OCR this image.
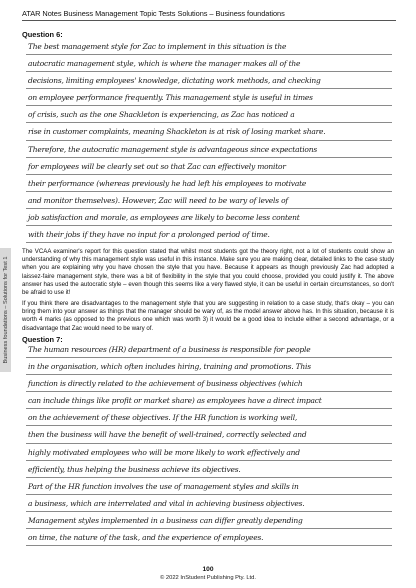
ATAR Notes Business Management Topic Tests Solutions – Business foundations
Question 6:
The best management style for Zac to implement in this situation is the
autocratic management style, which is where the manager makes all of the
decisions, limiting employees' knowledge, dictating work methods, and checking
on employee performance frequently. This management style is useful in times
of crisis, such as the one Shackleton is experiencing, as Zac has noticed a
rise in customer complaints, meaning Shackleton is at risk of losing market share.
Therefore, the autocratic management style is advantageous since expectations
for employees will be clearly set out so that Zac can effectively monitor
their performance (whereas previously he had left his employees to motivate
and monitor themselves). However, Zac will need to be wary of levels of
job satisfaction and morale, as employees are likely to become less content
with their jobs if they have no input for a prolonged period of time.
The VCAA examiner's report for this question stated that whilst most students got the theory right, not a lot of students could show an understanding of why this management style was useful in this instance. Make sure you are making clear, detailed links to the case study when you are explaining why you have chosen the style that you have. Because it appears as though previously Zac had adopted a laissez-faire management style, there was a bit of flexibility in the style that you could choose, provided you could justify it. The above answer has used the autocratic style – even though this seems like a very flawed style, it can be useful in certain circumstances, so don't be afraid to use it!
If you think there are disadvantages to the management style that you are suggesting in relation to a case study, that's okay – you can bring them into your answer as things that the manager should be wary of, as the model answer above has. In this situation, because it is worth 4 marks (as opposed to the previous one which was worth 3) it would be a good idea to include either a second advantage, or a disadvantage that Zac would need to be wary of.
Question 7:
The human resources (HR) department of a business is responsible for people
in the organisation, which often includes hiring, training and promotions. This
function is directly related to the achievement of business objectives (which
can include things like profit or market share) as employees have a direct impact
on the achievement of these objectives. If the HR function is working well,
then the business will have the benefit of well-trained, correctly selected and
highly motivated employees who will be more likely to work effectively and
efficiently, thus helping the business achieve its objectives.
Part of the HR function involves the use of management styles and skills in
a business, which are interrelated and vital in achieving business objectives.
Management styles implemented in a business can differ greatly depending
on time, the nature of the task, and the experience of employees.
Business foundations – Solutions for Test 1
100
© 2022 InStudent Publishing Pty. Ltd.
